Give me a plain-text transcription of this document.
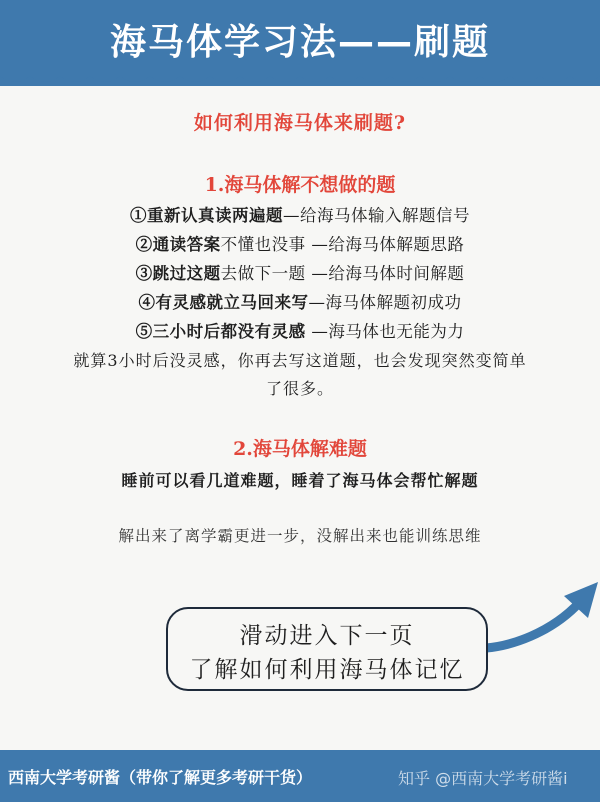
海马体学习法——刷题
如何利用海马体来刷题?
1.海马体解不想做的题
①重新认真读两遍题—给海马体输入解题信号
②通读答案不懂也没事 —给海马体解题思路
③跳过这题去做下一题 —给海马体时间解题
④有灵感就立马回来写—海马体解题初成功
⑤三小时后都没有灵感 —海马体也无能为力
就算3小时后没灵感，你再去写这道题，也会发现突然变简单
了很多。
2.海马体解难题
睡前可以看几道难题，睡着了海马体会帮忙解题
解出来了离学霸更进一步，没解出来也能训练思维
滑动进入下一页
了解如何利用海马体记忆
西南大学考研酱（带你了解更多考研干货）	知乎 @西南大学考研酱i
